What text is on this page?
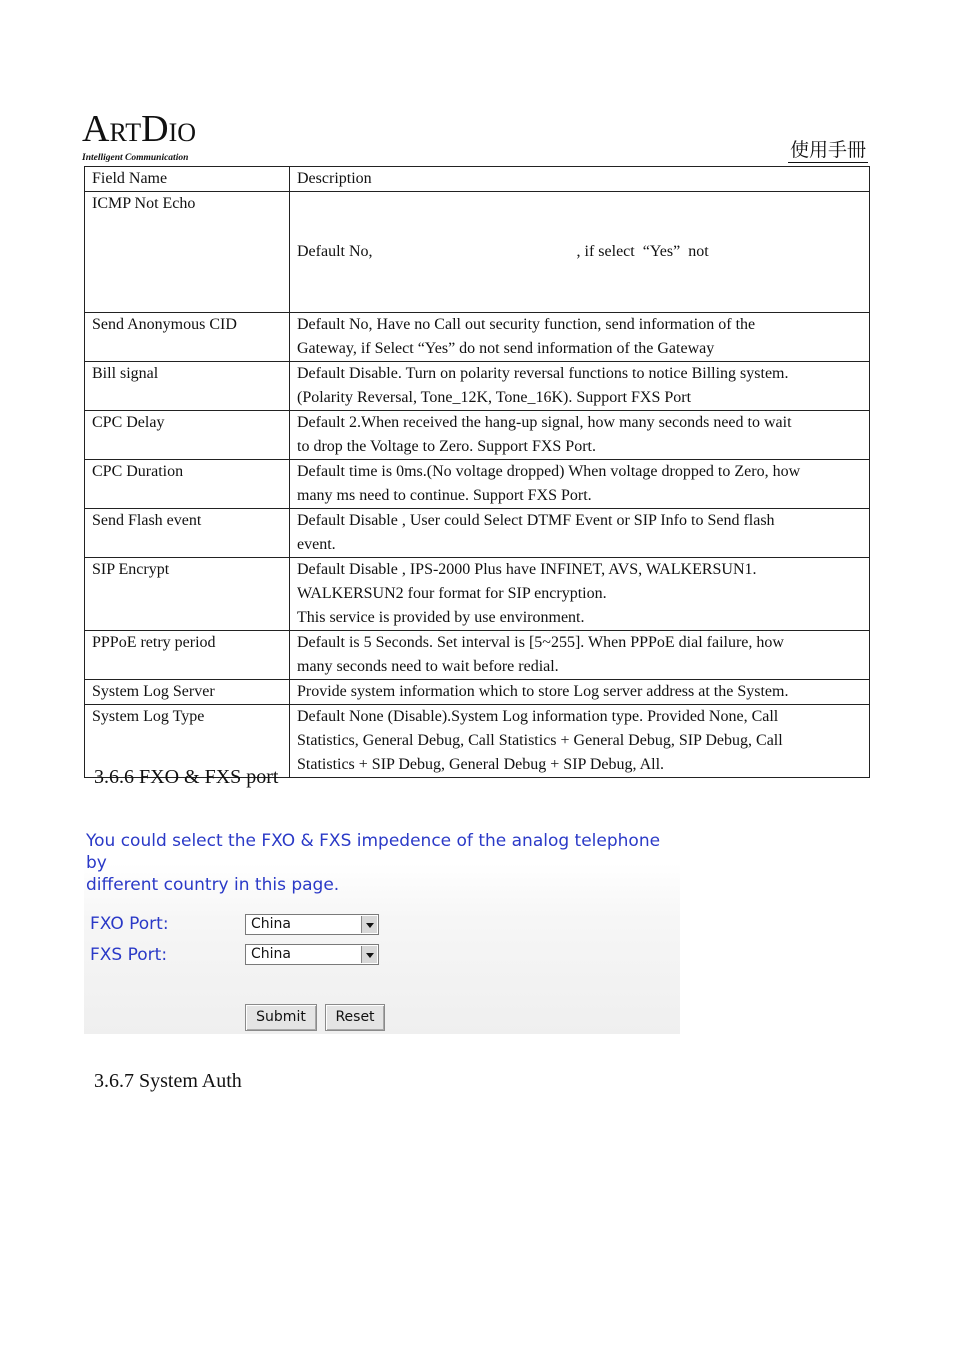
ARTDIO
Intelligent Communication	使用手冊
Field Name	Description
ICMP Not Echo	Default No,                                                   , if select  “Yes”  not

Send Anonymous CID	Default No, Have no Call out security function, send information of the
Gateway, if Select “Yes” do not send information of the Gateway

Bill signal	Default Disable. Turn on polarity reversal functions to notice Billing system.
(Polarity Reversal, Tone_12K, Tone_16K). Support FXS Port

CPC Delay	Default 2.When received the hang-up signal, how many seconds need to wait
to drop the Voltage to Zero. Support FXS Port.

CPC Duration	Default time is 0ms.(No voltage dropped) When voltage dropped to Zero, how
many ms need to continue. Support FXS Port.

Send Flash event	Default Disable , User could Select DTMF Event or SIP Info to Send flash
event.

SIP Encrypt	Default Disable , IPS-2000 Plus have INFINET, AVS, WALKERSUN1.
WALKERSUN2 four format for SIP encryption.
This service is provided by use environment.

PPPoE retry period	Default is 5 Seconds. Set interval is [5~255]. When PPPoE dial failure, how
many seconds need to wait before redial.

System Log Server	Provide system information which to store Log server address at the System.

System Log Type	Default None (Disable).System Log information type. Provided None, Call
Statistics, General Debug, Call Statistics + General Debug, SIP Debug, Call
Statistics + SIP Debug, General Debug + SIP Debug, All.
3.6.6 FXO & FXS port
You could select the FXO & FXS impedence of the analog telephone by
different country in this page.
FXO Port:	China
FXS Port:	China
Submit	Reset
3.6.7 System Auth
